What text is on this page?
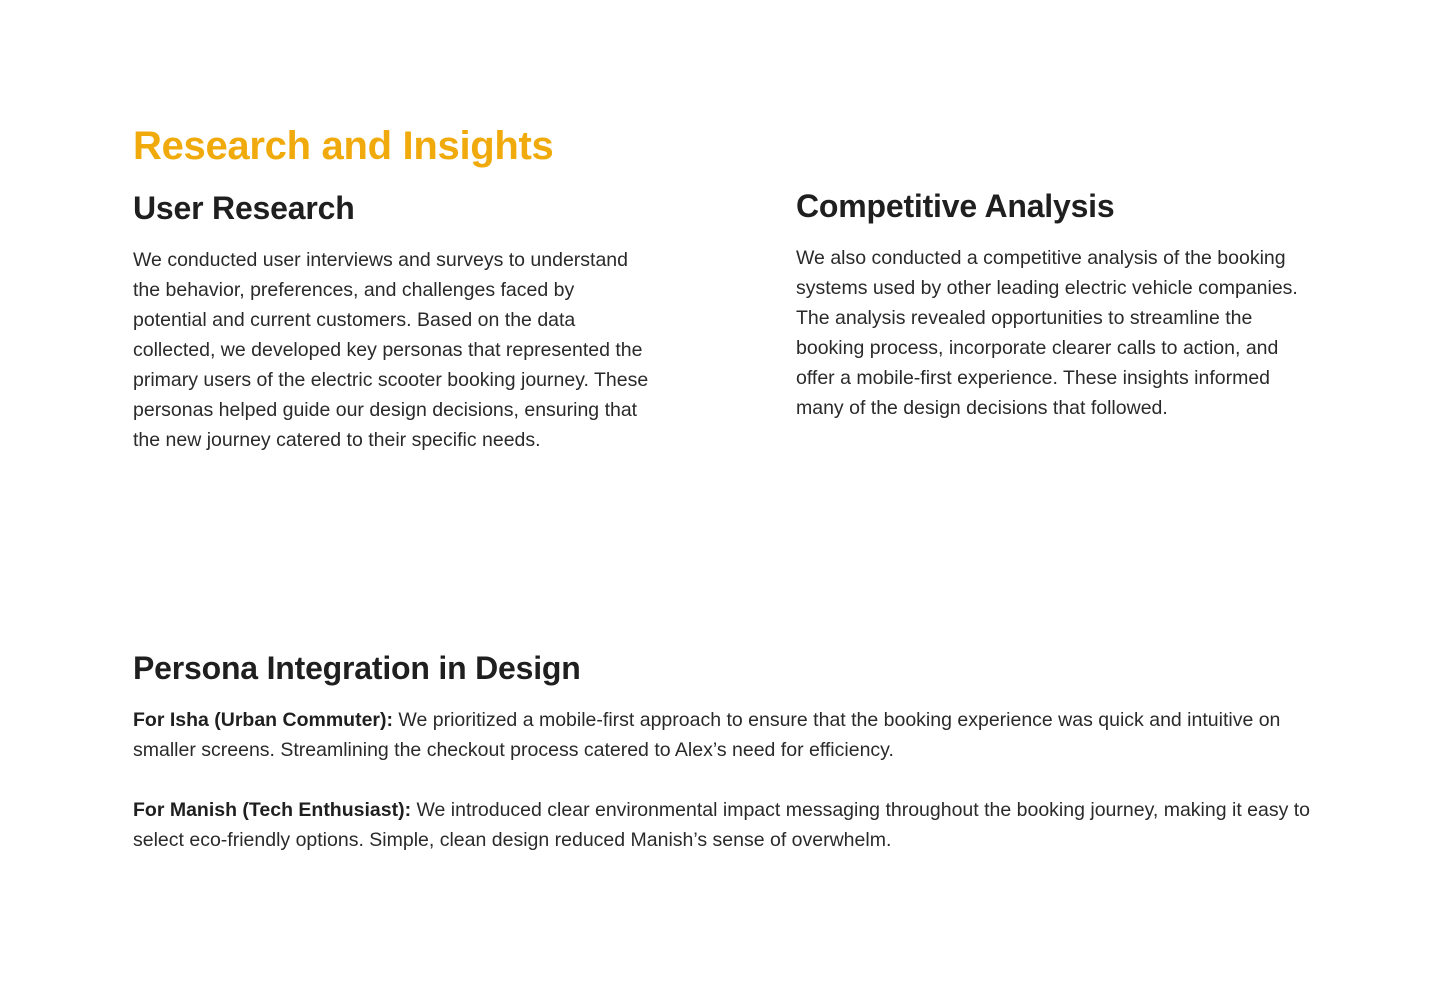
Research and Insights
User Research

We conducted user interviews and surveys to understand the behavior, preferences, and challenges faced by potential and current customers. Based on the data collected, we developed key personas that represented the primary users of the electric scooter booking journey. These personas helped guide our design decisions, ensuring that the new journey catered to their specific needs.

Competitive Analysis

We also conducted a competitive analysis of the booking systems used by other leading electric vehicle companies. The analysis revealed opportunities to streamline the booking process, incorporate clearer calls to action, and offer a mobile-first experience. These insights informed many of the design decisions that followed.

Persona Integration in Design

For Isha (Urban Commuter): We prioritized a mobile-first approach to ensure that the booking experience was quick and intuitive on smaller screens. Streamlining the checkout process catered to Alex’s need for efficiency.

For Manish (Tech Enthusiast): We introduced clear environmental impact messaging throughout the booking journey, making it easy to select eco-friendly options. Simple, clean design reduced Manish’s sense of overwhelm.
